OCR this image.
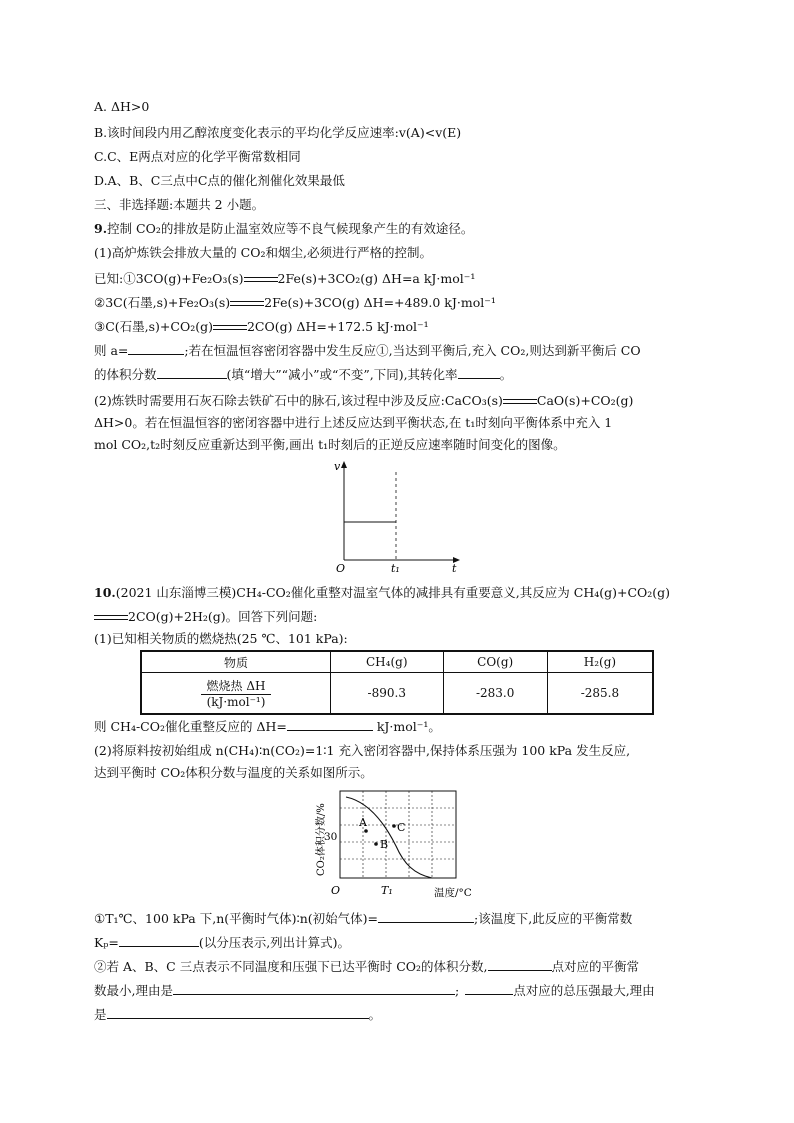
A. ΔH>0
B.该时间段内用乙醇浓度变化表示的平均化学反应速率:v(A)<v(E)
C.C、E两点对应的化学平衡常数相同
D.A、B、C三点中C点的催化剂催化效果最低
三、非选择题:本题共 2 小题。
9.控制 CO₂的排放是防止温室效应等不良气候现象产生的有效途径。
(1)高炉炼铁会排放大量的 CO₂和烟尘,必须进行严格的控制。
已知:①3CO(g)+Fe₂O₃(s)	2Fe(s)+3CO₂(g) ΔH=a kJ·mol⁻¹
②3C(石墨,s)+Fe₂O₃(s)	2Fe(s)+3CO(g) ΔH=+489.0 kJ·mol⁻¹
③C(石墨,s)+CO₂(g)	2CO(g) ΔH=+172.5 kJ·mol⁻¹
则 a=	;若在恒温恒容密闭容器中发生反应①,当达到平衡后,充入 CO₂,则达到新平衡后 CO
的体积分数	(填“增大”“减小”或“不变”,下同),其转化率	。
(2)炼铁时需要用石灰石除去铁矿石中的脉石,该过程中涉及反应:CaCO₃(s)	CaO(s)+CO₂(g)
ΔH>0。若在恒温恒容的密闭容器中进行上述反应达到平衡状态,在 t₁时刻向平衡体系中充入 1
mol CO₂,t₂时刻反应重新达到平衡,画出 t₁时刻后的正逆反应速率随时间变化的图像。
v
t
O	t₁
10.(2021 山东淄博三模)CH₄-CO₂催化重整对温室气体的减排具有重要意义,其反应为 CH₄(g)+CO₂(g)
2CO(g)+2H₂(g)。回答下列问题:
(1)已知相关物质的燃烧热(25 ℃、101 kPa):
物质	CH₄(g)	CO(g)	H₂(g)
燃烧热 ΔH
(kJ·mol⁻¹)	-890.3	-283.0	-285.8
则 CH₄-CO₂催化重整反应的 ΔH=	kJ·mol⁻¹。
(2)将原料按初始组成 n(CH₄)∶n(CO₂)=1∶1 充入密闭容器中,保持体系压强为 100 kPa 发生反应,
达到平衡时 CO₂体积分数与温度的关系如图所示。
A
B
C
30
O	T₁	温度/°C
CO₂体积分数/%
①T₁℃、100 kPa 下,n(平衡时气体)∶n(初始气体)=	;该温度下,此反应的平衡常数
Kₚ=	(以分压表示,列出计算式)。
②若 A、B、C 三点表示不同温度和压强下已达平衡时 CO₂的体积分数,	点对应的平衡常
数最小,理由是	;	点对应的总压强最大,理由
是	。
